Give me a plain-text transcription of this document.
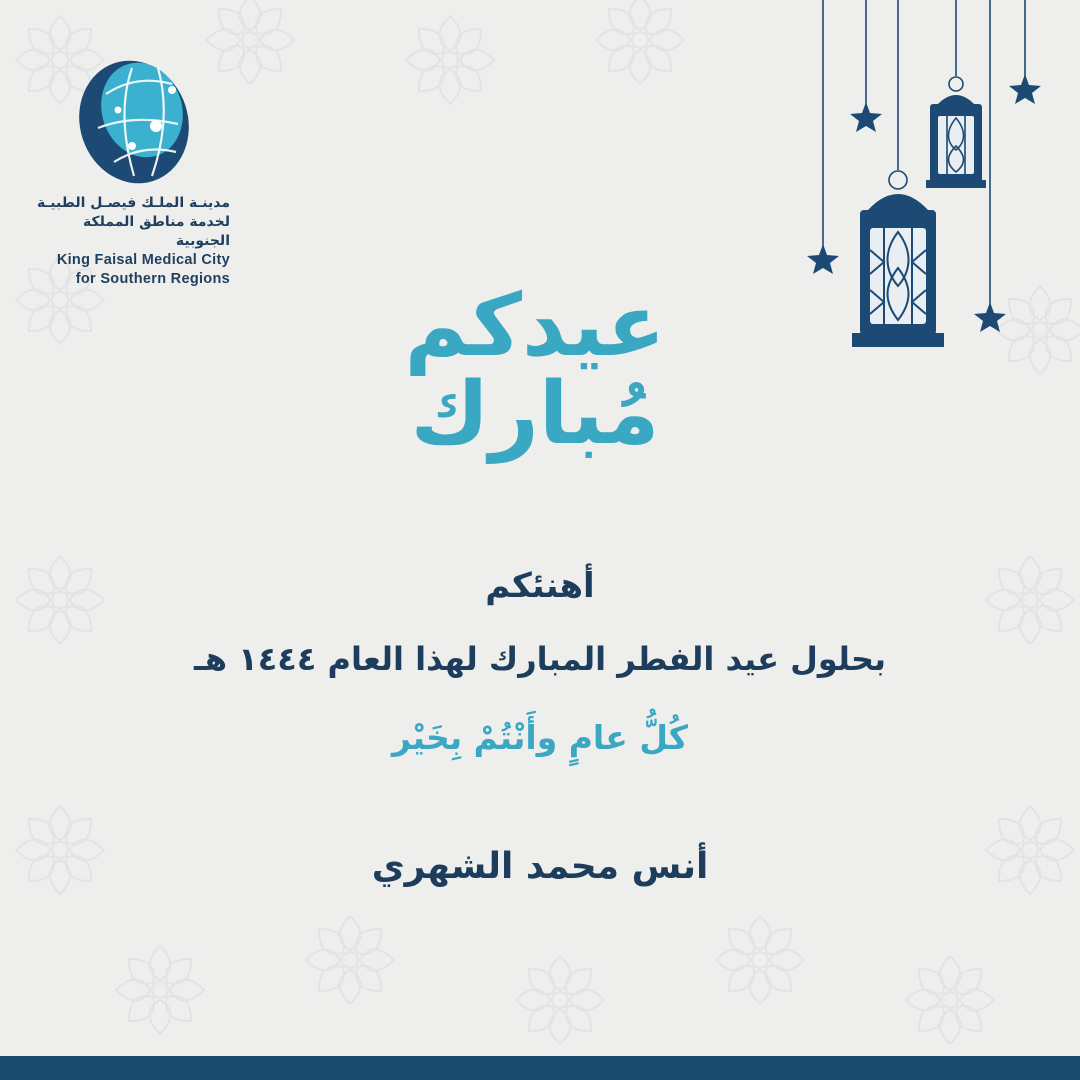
مدينـة الملـك فيصـل الطبيـة
لخدمة مناطق المملكة الجنوبية
King Faisal Medical City
for Southern Regions	عيدكم
مُبارك
أهنئكم
بحلول عيد الفطر المبارك لهذا العام ١٤٤٤ هـ
كُلُّ عامٍ وأَنْتُمْ بِخَيْر
أنس محمد الشهري
